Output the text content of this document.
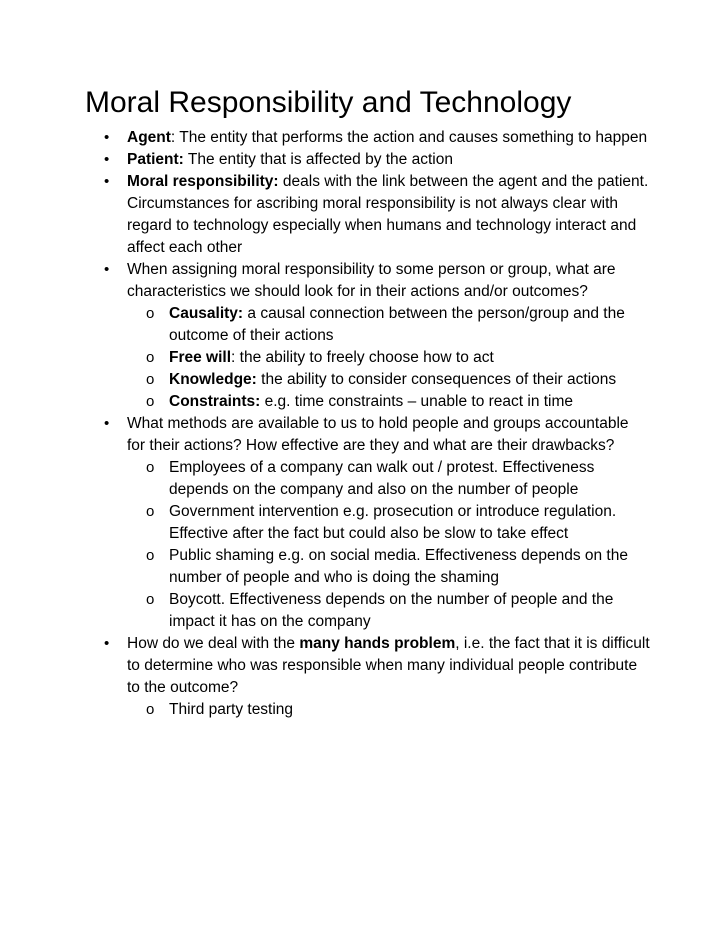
Moral Responsibility and Technology
• Agent: The entity that performs the action and causes something to happen
• Patient: The entity that is affected by the action
• Moral responsibility: deals with the link between the agent and the patient. Circumstances for ascribing moral responsibility is not always clear with regard to technology especially when humans and technology interact and affect each other
• When assigning moral responsibility to some person or group, what are characteristics we should look for in their actions and/or outcomes?
o Causality: a causal connection between the person/group and the outcome of their actions
o Free will: the ability to freely choose how to act
o Knowledge: the ability to consider consequences of their actions
o Constraints: e.g. time constraints – unable to react in time
• What methods are available to us to hold people and groups accountable for their actions? How effective are they and what are their drawbacks?
o Employees of a company can walk out / protest. Effectiveness depends on the company and also on the number of people
o Government intervention e.g. prosecution or introduce regulation. Effective after the fact but could also be slow to take effect
o Public shaming e.g. on social media. Effectiveness depends on the number of people and who is doing the shaming
o Boycott. Effectiveness depends on the number of people and the impact it has on the company
• How do we deal with the many hands problem, i.e. the fact that it is difficult to determine who was responsible when many individual people contribute to the outcome?
o Third party testing
